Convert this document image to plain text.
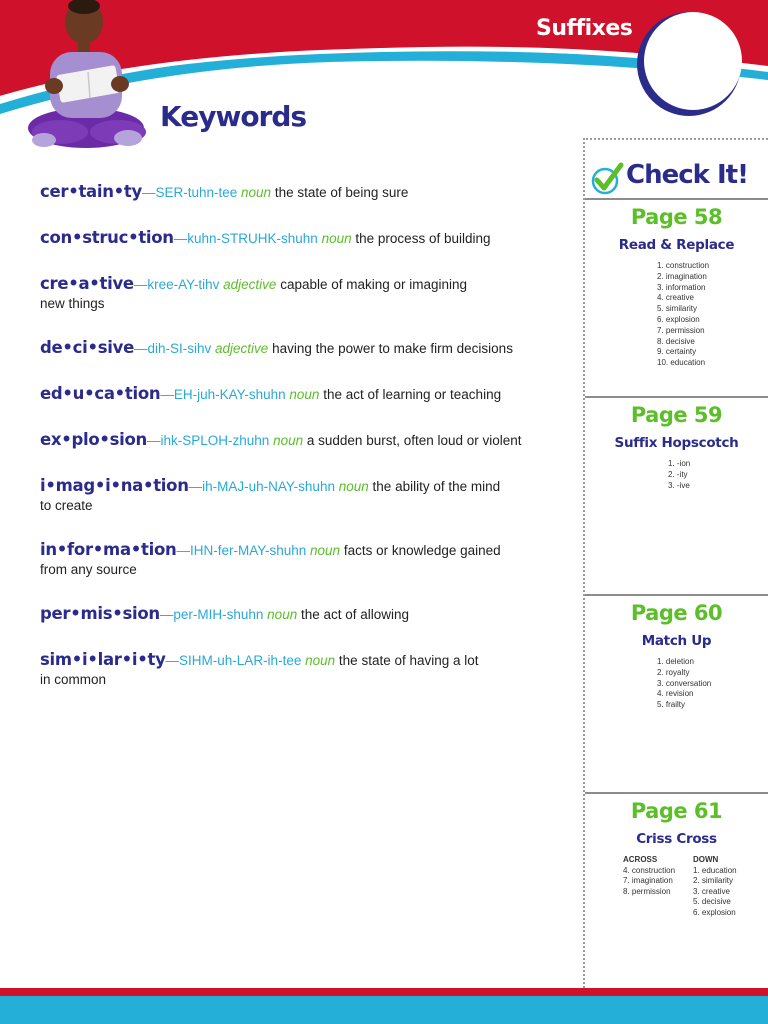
Suffixes
Keywords
cer•tain•ty—SER-tuhn-tee noun the state of being sure

con•struc•tion—kuhn-STRUHK-shuhn noun the process of building

cre•a•tive—kree-AY-tihv adjective capable of making or imagining
new things
de•ci•sive—dih-SI-sihv adjective having the power to make firm decisions

ed•u•ca•tion—EH-juh-KAY-shuhn noun the act of learning or teaching

ex•plo•sion—ihk-SPLOH-zhuhn noun a sudden burst, often loud or violent

i•mag•i•na•tion—ih-MAJ-uh-NAY-shuhn noun the ability of the mind
to create
in•for•ma•tion—IHN-fer-MAY-shuhn noun facts or knowledge gained
from any source
per•mis•sion—per-MIH-shuhn noun the act of allowing

sim•i•lar•i•ty—SIHM-uh-LAR-ih-tee noun the state of having a lot
in common
Check It!
Page 58
Read & Replace
1. construction
2. imagination
3. information
4. creative
5. similarity
6. explosion
7. permission
8. decisive
9. certainty
10. education
Page 59
Suffix Hopscotch
1. -ion
2. -ity
3. -ive
Page 60
Match Up
1. deletion
2. royalty
3. conversation
4. revision
5. frailty
Page 61
Criss Cross
ACROSS
4. construction
7. imagination
8. permission
DOWN
1. education
2. similarity
3. creative
5. decisive
6. explosion
